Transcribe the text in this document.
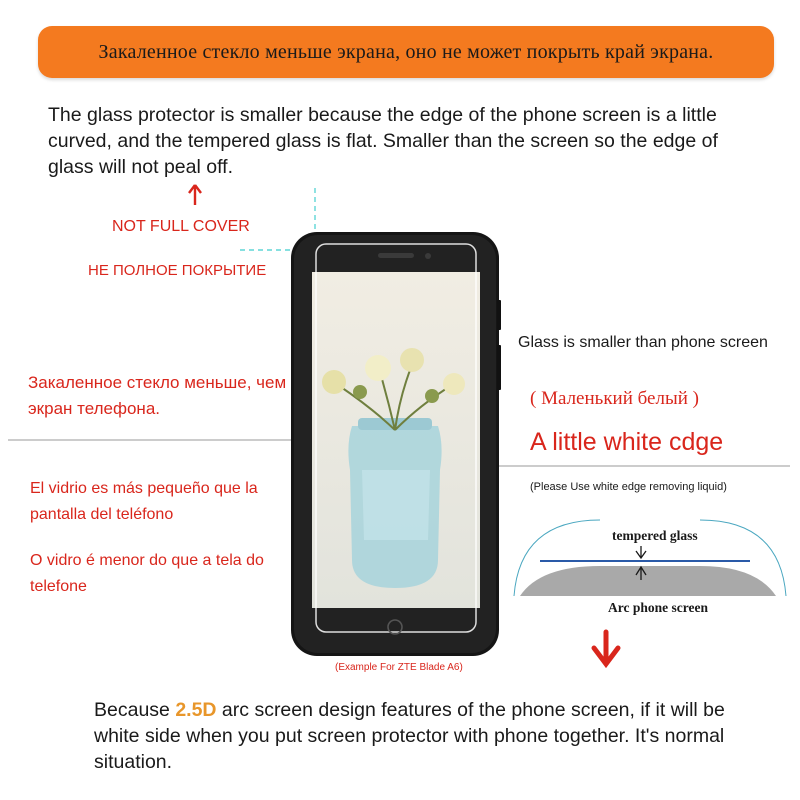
Закаленное стекло меньше экрана, оно не может покрыть край экрана.
The glass protector is smaller because the edge of the phone screen is a little curved, and the tempered glass is flat. Smaller than the screen so the edge of glass will not peal off.
NOT FULL COVER
НЕ ПОЛНОЕ ПОКРЫТИЕ
Закаленное стекло меньше, чем экран телефона.
El vidrio es más pequeño que la pantalla del teléfono
O vidro é menor do que a tela do telefone
Glass is smaller than phone screen
( Маленький белый )
A little white cdge
(Please Use white edge removing liquid)
(Example For ZTE Blade A6)
tempered glass
Arc phone screen
Because 2.5D arc screen design features of the phone screen, if it will be white side when you put screen protector with phone together. It's normal situation.
